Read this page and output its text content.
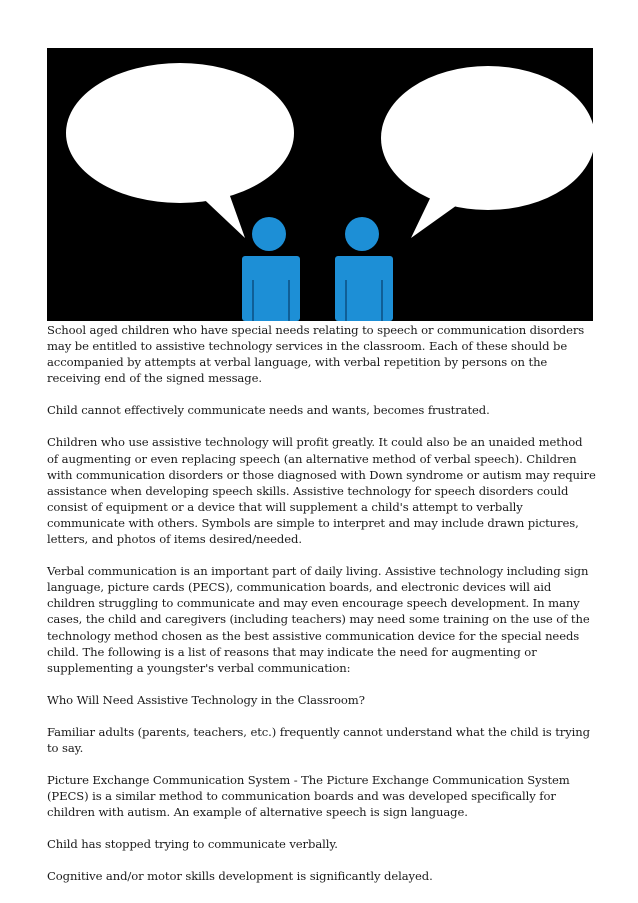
School aged children who have special needs relating to speech or communication disorders may be entitled to assistive technology services in the classroom. Each of these should be accompanied by attempts at verbal language, with verbal repetition by persons on the receiving end of the signed message.

Child cannot effectively communicate needs and wants, becomes frustrated.

Children who use assistive technology will profit greatly. It could also be an unaided method of augmenting or even replacing speech (an alternative method of verbal speech). Children with communication disorders or those diagnosed with Down syndrome or autism may require assistance when developing speech skills. Assistive technology for speech disorders could consist of equipment or a device that will supplement a child's attempt to verbally communicate with others. Symbols are simple to interpret and may include drawn pictures, letters, and photos of items desired/needed.

Verbal communication is an important part of daily living. Assistive technology including sign language, picture cards (PECS), communication boards, and electronic devices will aid children struggling to communicate and may even encourage speech development. In many cases, the child and caregivers (including teachers) may need some training on the use of the technology method chosen as the best assistive communication device for the special needs child. The following is a list of reasons that may indicate the need for augmenting or supplementing a youngster's verbal communication:

Who Will Need Assistive Technology in the Classroom?

Familiar adults (parents, teachers, etc.) frequently cannot understand what the child is trying to say.

Picture Exchange Communication System - The Picture Exchange Communication System (PECS) is a similar method to communication boards and was developed specifically for children with autism. An example of alternative speech is sign language.

Child has stopped trying to communicate verbally.

Cognitive and/or motor skills development is significantly delayed.
